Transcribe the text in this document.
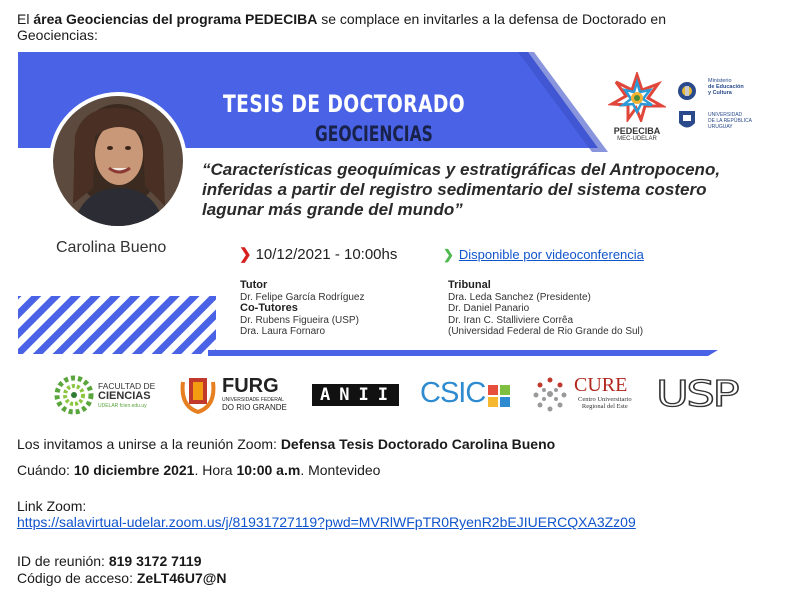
El área Geociencias del programa PEDECIBA se complace en invitarles a la defensa de Doctorado en Geociencias:
TESIS DE DOCTORADO
GEOCIENCIAS
Carolina Bueno
“Características geoquímicas y estratigráficas del Antropoceno, inferidas a partir del registro sedimentario del sistema costero lagunar más grande del mundo”
❯ 10/12/2021 - 10:00hs	❯ Disponible por videoconferencia
Tutor
Dr. Felipe García Rodríguez
Co-Tutores
Dr. Rubens Figueira (USP)
Dra. Laura Fornaro
Tribunal
Dra. Leda Sanchez (Presidente)
Dr. Daniel Panario
Dr. Iran C. Stalliviere Corrêa
(Universidad Federal de Rio Grande do Sul)
PEDECIBA
MEC-UDELAR
Ministerio
de Educación
y Cultura
UNIVERSIDAD
DE LA REPÚBLICA
URUGUAY
FACULTAD DE
CIENCIAS
UDELAR fcien.edu.uy
FURG
UNIVERSIDADE FEDERAL
DO RIO GRANDE
ANII CSIC	CURE
Centro Universitario
Regional del Este USP
Los invitamos a unirse a la reunión Zoom: Defensa Tesis Doctorado Carolina Bueno
Cuándo: 10 diciembre 2021. Hora 10:00 a.m. Montevideo
Link Zoom:
https://salavirtual-udelar.zoom.us/j/81931727119?pwd=MVRlWFpTR0RyenR2bEJIUERCQXA3Zz09
ID de reunión: 819 3172 7119
Código de acceso: ZeLT46U7@N
